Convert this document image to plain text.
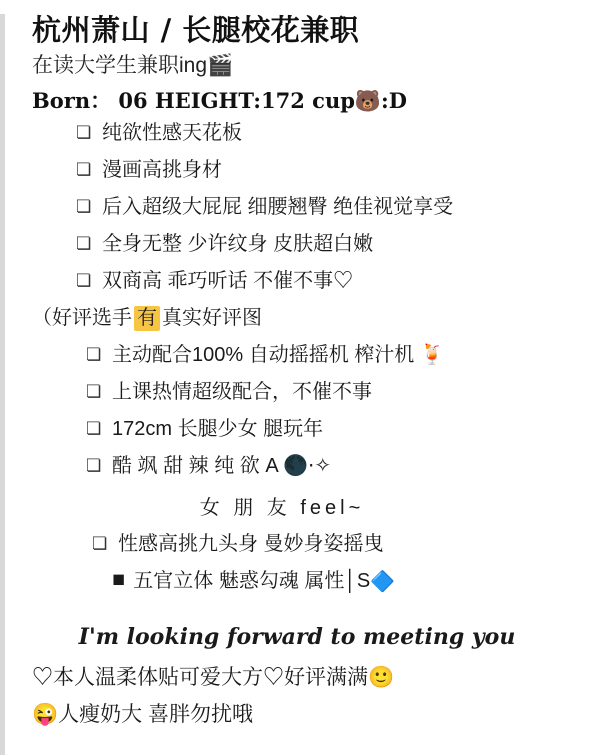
杭州萧山 / 长腿校花兼职
在读大学生兼职ing🎬
Born： 06 HEIGHT:172 cup🐻:D
❏ 纯欲性感天花板
❏ 漫画高挑身材
❏ 后入超级大屁屁 细腰翘臀 绝佳视觉享受
❏ 全身无整 少许纹身 皮肤超白嫩
❏ 双商高 乖巧听话 不催不事♡
（好评选手 有 真实好评图
❏ 主动配合100% 自动摇摇机 榨汁机 🍹
❏ 上课热情超级配合，不催不事
❏ 172cm 长腿少女 腿玩年
❏ 酷 飒 甜 辣 纯 欲 A 🌑⋅✧
女 朋 友 feel~
❏ 性感高挑九头身 曼妙身姿摇曳
◼ 五官立体 魅惑勾魂 属性│S 🔷
I'm looking forward to meeting you
♡本人温柔体贴可爱大方♡好评满满🙂
😜人瘦奶大 喜胖勿扰哦
